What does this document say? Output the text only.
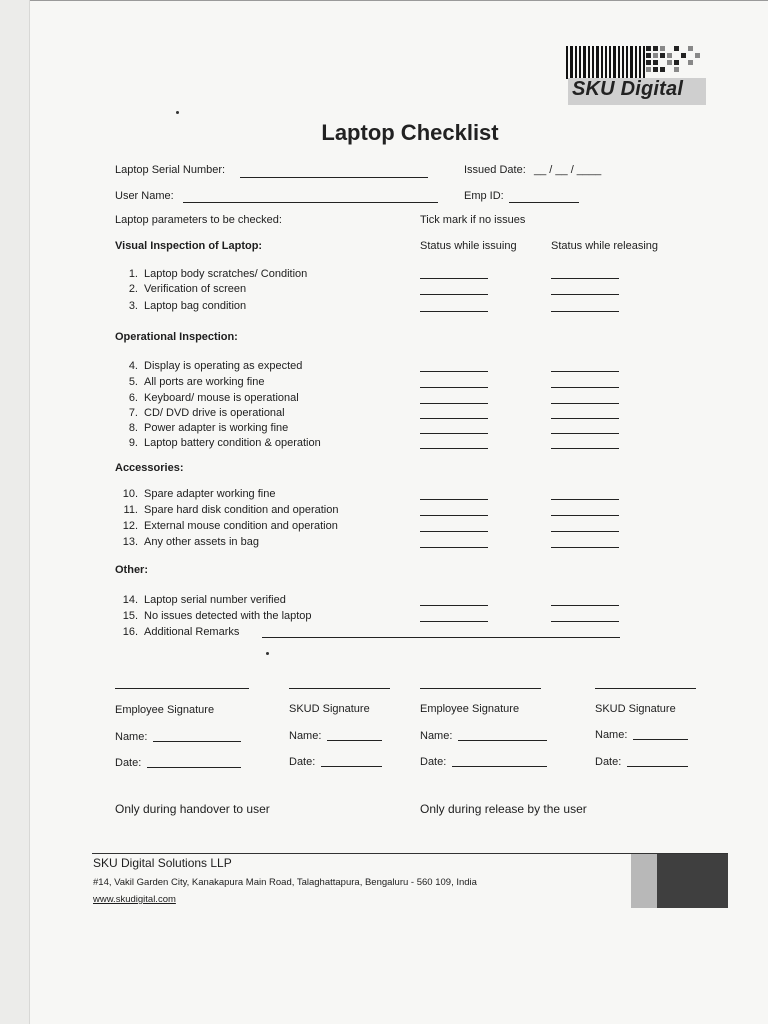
SKU Digital
Laptop Checklist
Laptop Serial Number:	Issued Date: __ / __ / ____
User Name:	Emp ID:
Laptop parameters to be checked:	Tick mark if no issues
Status while issuing	Status while releasing
Visual Inspection of Laptop:
1. Laptop body scratches/ Condition
2. Verification of screen
3. Laptop bag condition
Operational Inspection:
4. Display is operating as expected
5. All ports are working fine
6. Keyboard/ mouse is operational
7. CD/ DVD drive is operational
8. Power adapter is working fine
9. Laptop battery condition & operation
Accessories:
10. Spare adapter working fine
11. Spare hard disk condition and operation
12. External mouse condition and operation
13. Any other assets in bag
Other:
14. Laptop serial number verified
15. No issues detected with the laptop
16. Additional Remarks
Employee Signature	SKUD Signature	Employee Signature	SKUD Signature
Name:	Name:	Name:	Name:
Date:	Date:	Date:	Date:
Only during handover to user	Only during release by the user
SKU Digital Solutions LLP
#14, Vakil Garden City, Kanakapura Main Road, Talaghattapura, Bengaluru - 560 109, India
www.skudigital.com
